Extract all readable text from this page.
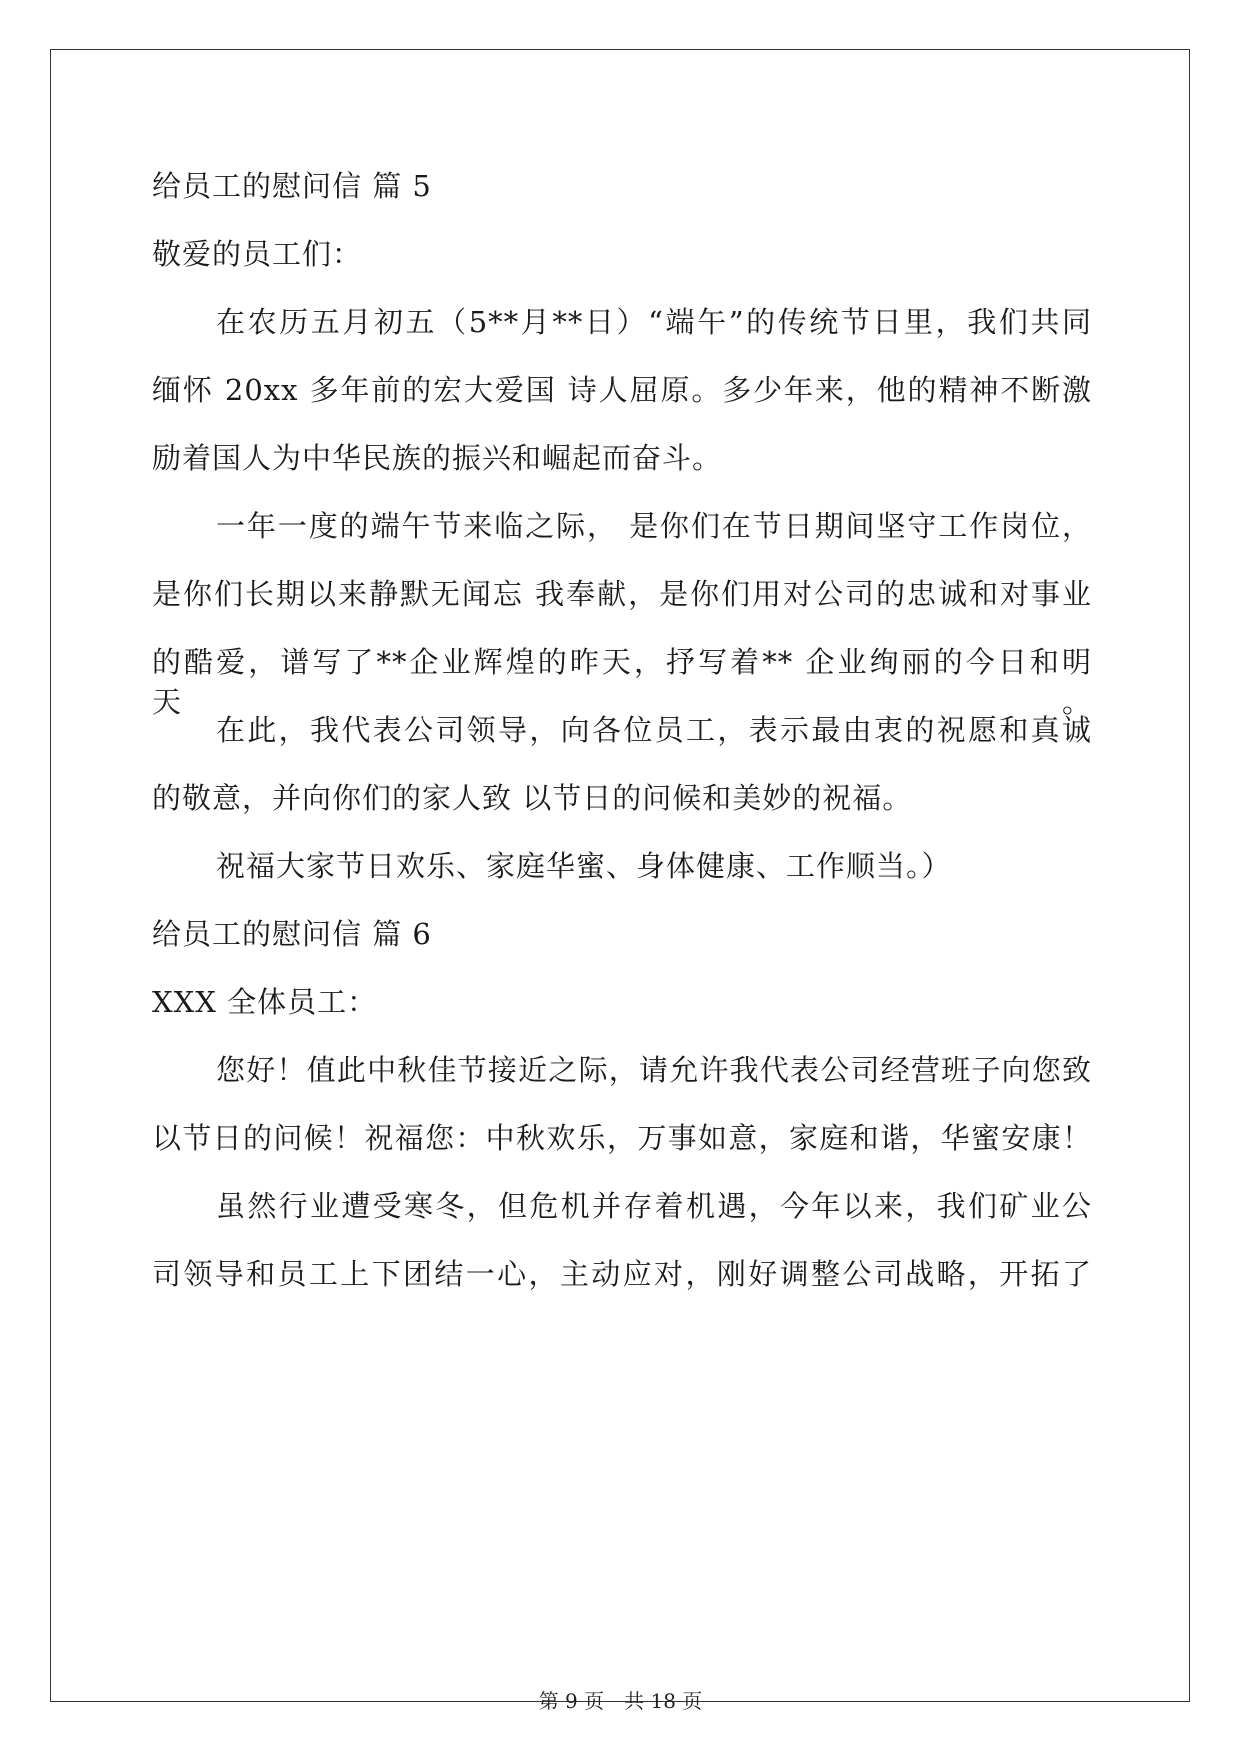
给员工的慰问信 篇 5
敬爱的员工们：
在农历五月初五（5**月**日）“端午”的传统节日里，我们共同
缅怀 20xx 多年前的宏大爱国 诗人屈原。多少年来，他的精神不断激
励着国人为中华民族的振兴和崛起而奋斗。
一年一度的端午节来临之际， 是你们在节日期间坚守工作岗位，
是你们长期以来静默无闻忘 我奉献，是你们用对公司的忠诚和对事业
的酷爱，谱写了**企业辉煌的昨天，抒写着** 企业绚丽的今日和明天。
在此，我代表公司领导，向各位员工，表示最由衷的祝愿和真诚
的敬意，并向你们的家人致 以节日的问候和美妙的祝福。
祝福大家节日欢乐、家庭华蜜、身体健康、工作顺当。）
给员工的慰问信 篇 6
XXX 全体员工：
您好！值此中秋佳节接近之际，请允许我代表公司经营班子向您致
以节日的问候！祝福您：中秋欢乐，万事如意，家庭和谐，华蜜安康！
虽然行业遭受寒冬，但危机并存着机遇，今年以来，我们矿业公
司领导和员工上下团结一心，主动应对，刚好调整公司战略，开拓了
第 9 页 共 18 页
